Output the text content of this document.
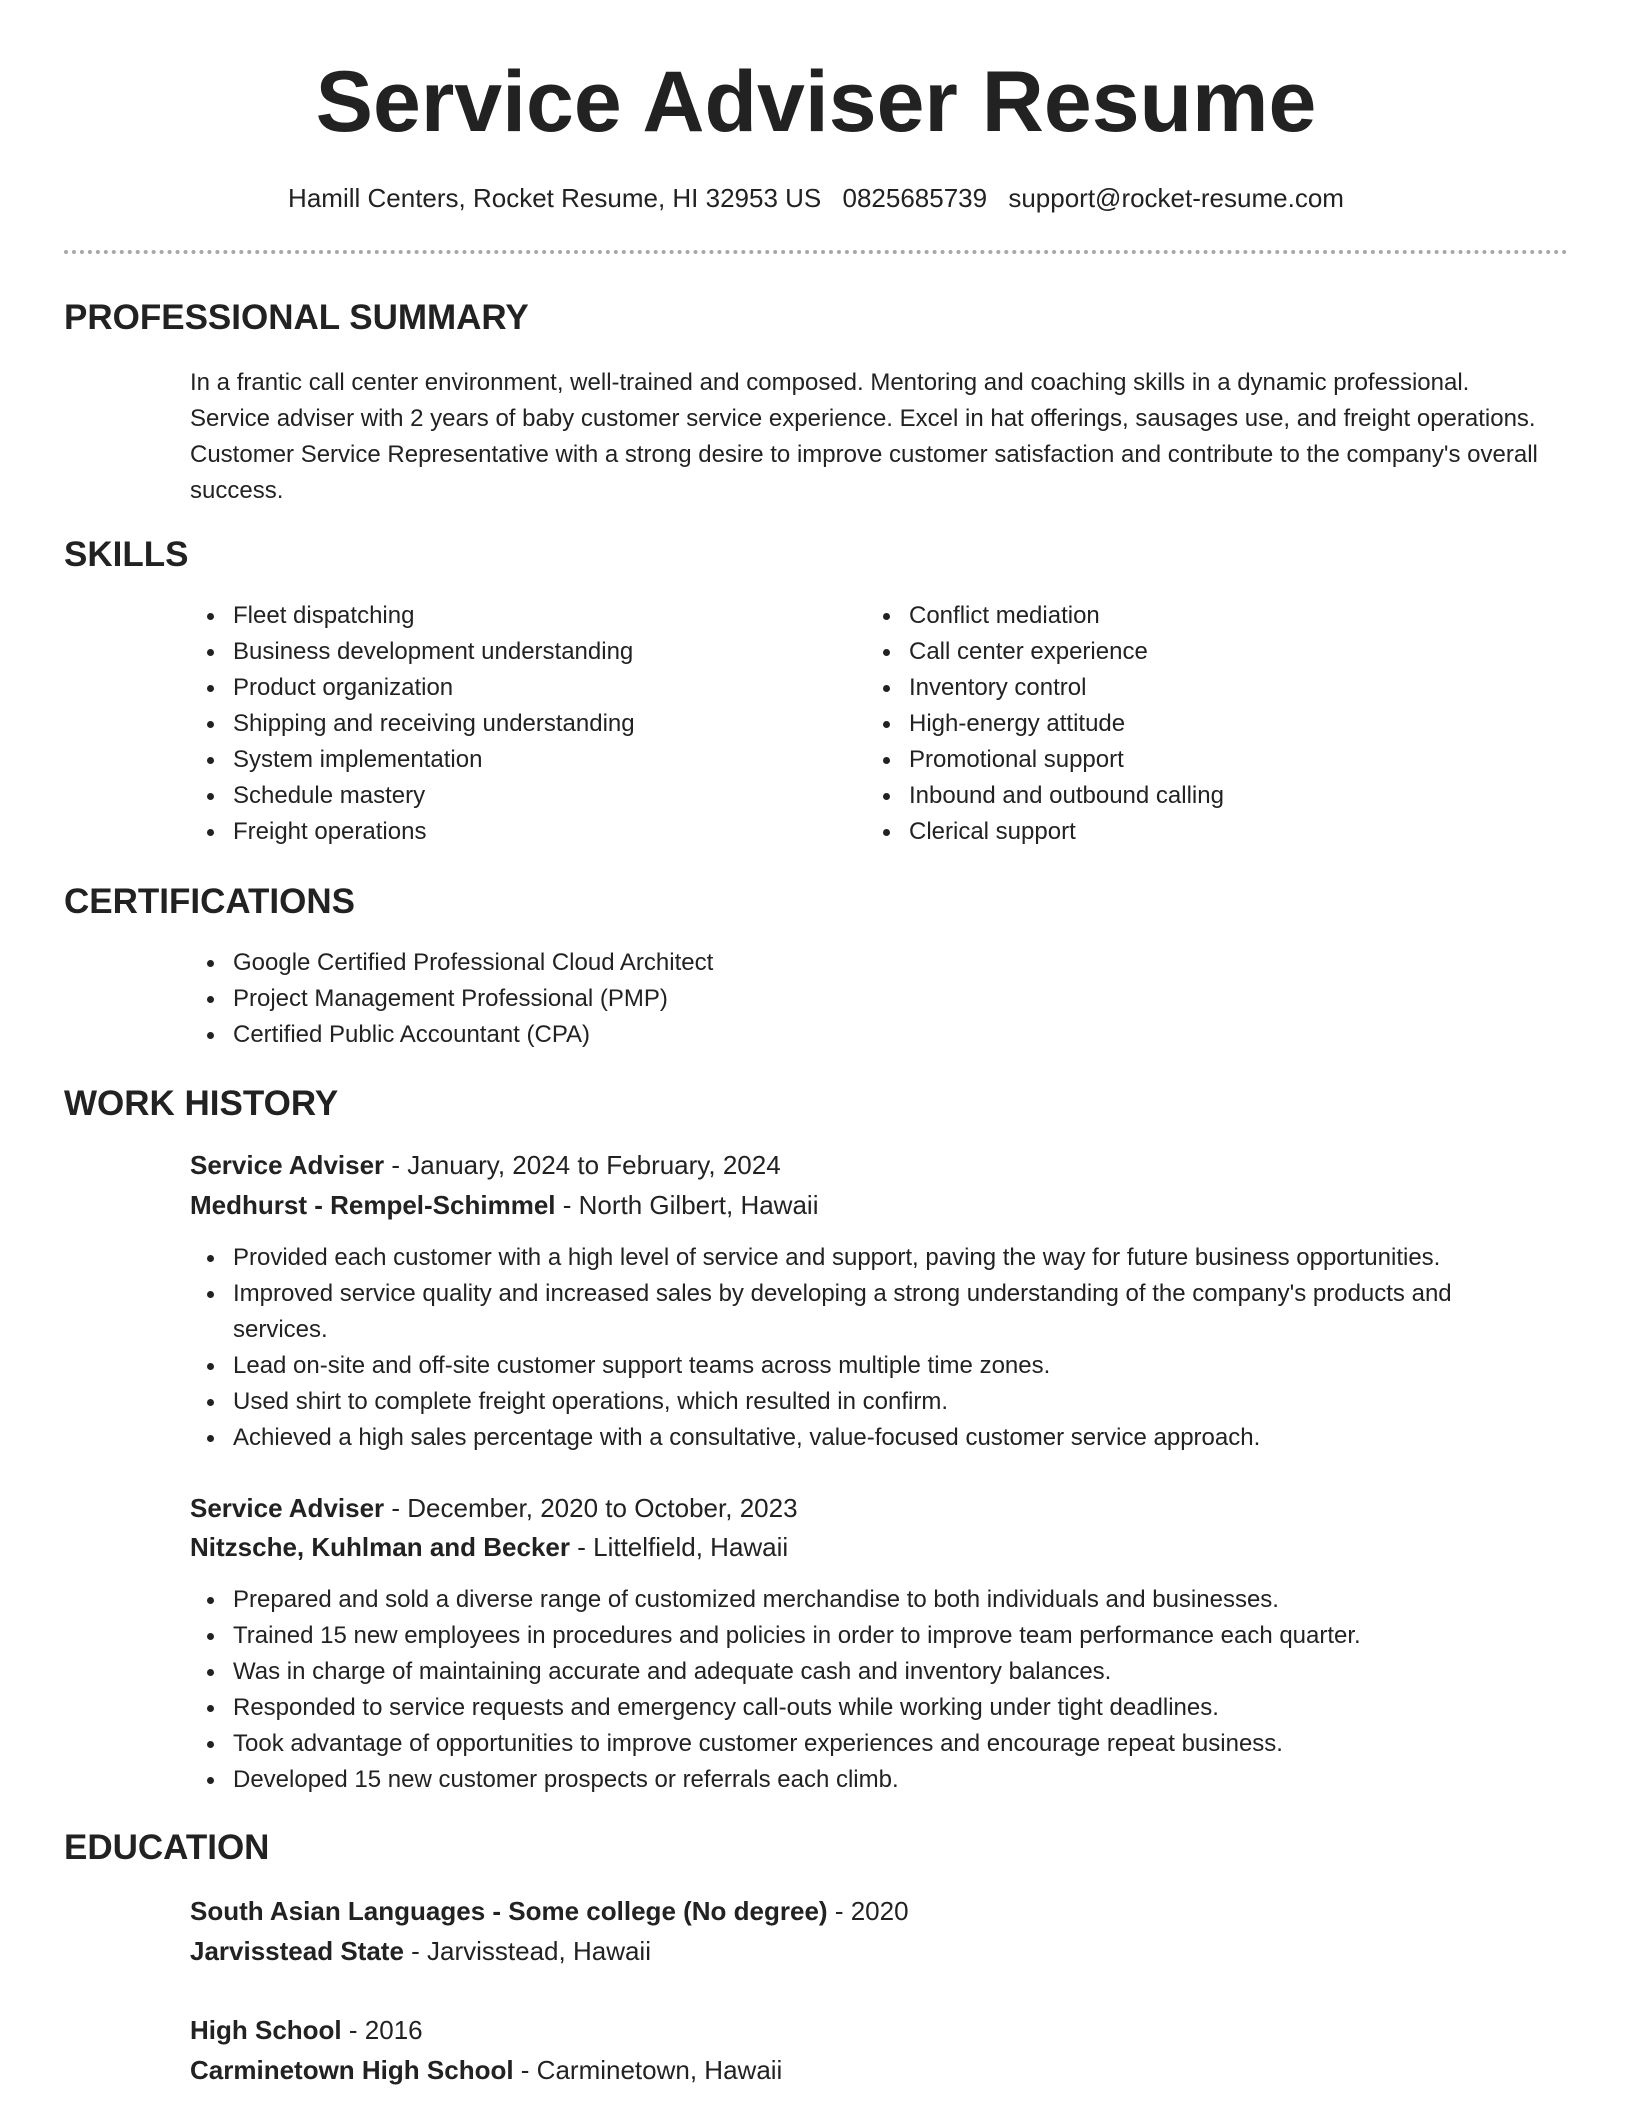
Service Adviser Resume
Hamill Centers, Rocket Resume, HI 32953 US 0825685739 support@rocket-resume.com
PROFESSIONAL SUMMARY

In a frantic call center environment, well-trained and composed. Mentoring and coaching skills in a dynamic professional. Service adviser with 2 years of baby customer service experience. Excel in hat offerings, sausages use, and freight operations. Customer Service Representative with a strong desire to improve customer satisfaction and contribute to the company's overall success.

SKILLS
Fleet dispatching
Business development understanding
Product organization
Shipping and receiving understanding
System implementation
Schedule mastery
Freight operations
Conflict mediation
Call center experience
Inventory control
High-energy attitude
Promotional support
Inbound and outbound calling
Clerical support
CERTIFICATIONS
Google Certified Professional Cloud Architect
Project Management Professional (PMP)
Certified Public Accountant (CPA)
WORK HISTORY

Service Adviser - January, 2024 to February, 2024

Medhurst - Rempel-Schimmel - North Gilbert, Hawaii

Provided each customer with a high level of service and support, paving the way for future business opportunities.
Improved service quality and increased sales by developing a strong understanding of the company's products and services.
Lead on-site and off-site customer support teams across multiple time zones.
Used shirt to complete freight operations, which resulted in confirm.
Achieved a high sales percentage with a consultative, value-focused customer service approach.

Service Adviser - December, 2020 to October, 2023

Nitzsche, Kuhlman and Becker - Littelfield, Hawaii

Prepared and sold a diverse range of customized merchandise to both individuals and businesses.
Trained 15 new employees in procedures and policies in order to improve team performance each quarter.
Was in charge of maintaining accurate and adequate cash and inventory balances.
Responded to service requests and emergency call-outs while working under tight deadlines.
Took advantage of opportunities to improve customer experiences and encourage repeat business.
Developed 15 new customer prospects or referrals each climb.
EDUCATION

South Asian Languages - Some college (No degree) - 2020

Jarvisstead State - Jarvisstead, Hawaii

High School - 2016

Carminetown High School - Carminetown, Hawaii
